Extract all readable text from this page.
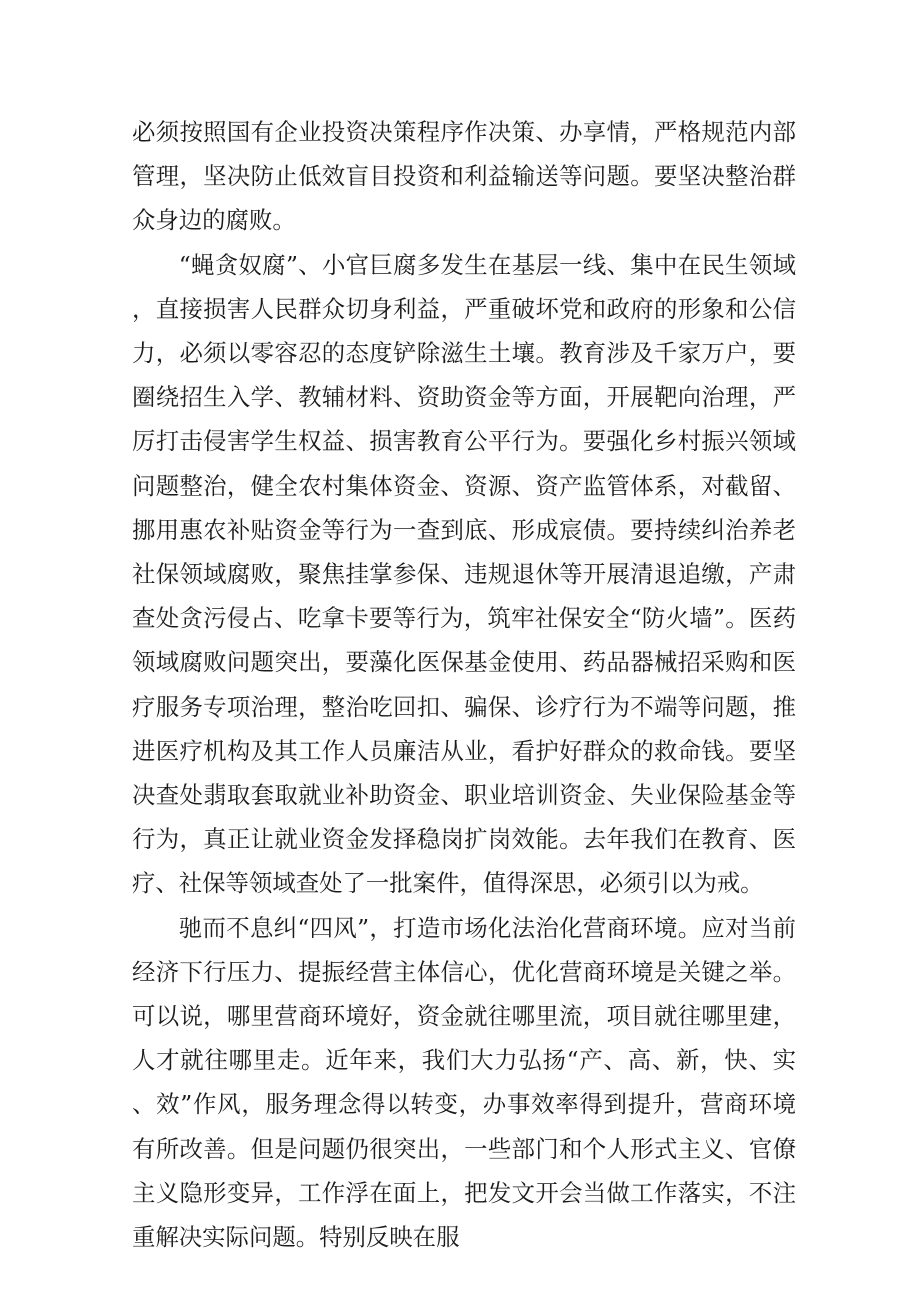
必须按照国有企业投资决策程序作决策、办享情，严格规范内部管理，坚决防止低效盲目投资和利益输送等问题。要坚决整治群众身边的腐败。

“蝇贪奴腐”、小官巨腐多发生在基层一线、集中在民生领域，直接损害人民群众切身利益，严重破坏党和政府的形象和公信力，必须以零容忍的态度铲除滋生土壤。教育涉及千家万户，要圈绕招生入学、教辅材料、资助资金等方面，开展靶向治理，严厉打击侵害学生权益、损害教育公平行为。要强化乡村振兴领域问题整治，健全农村集体资金、资源、资产监管体系，对截留、挪用惠农补贴资金等行为一查到底、形成宸债。要持续纠治养老社保领域腐败，聚焦挂掌参保、违规退休等开展清退追缴，产肃查处贪污侵占、吃拿卡要等行为，筑牢社保安全“防火墙”。医药领域腐败问题突出，要藻化医保基金使用、药品器械招采购和医疗服务专项治理，整治吃回扣、骗保、诊疗行为不端等问题，推进医疗机构及其工作人员廉洁从业，看护好群众的救命钱。要坚决查处翡取套取就业补助资金、职业培训资金、失业保险基金等行为，真正让就业资金发择稳岗扩岗效能。去年我们在教育、医疗、社保等领域查处了一批案件，值得深思，必须引以为戒。

驰而不息纠“四风”，打造市场化法治化营商环境。应对当前经济下行压力、提振经营主体信心，优化营商环境是关键之举。可以说，哪里营商环境好，资金就往哪里流，项目就往哪里建，人才就往哪里走。近年来，我们大力弘扬“产、高、新，快、实、效”作风，服务理念得以转变，办事效率得到提升，营商环境有所改善。但是问题仍很突出，一些部门和个人形式主义、官僚主义隐形变异，工作浮在面上，把发文开会当做工作落实，不注重解决实际问题。特别反映在服
